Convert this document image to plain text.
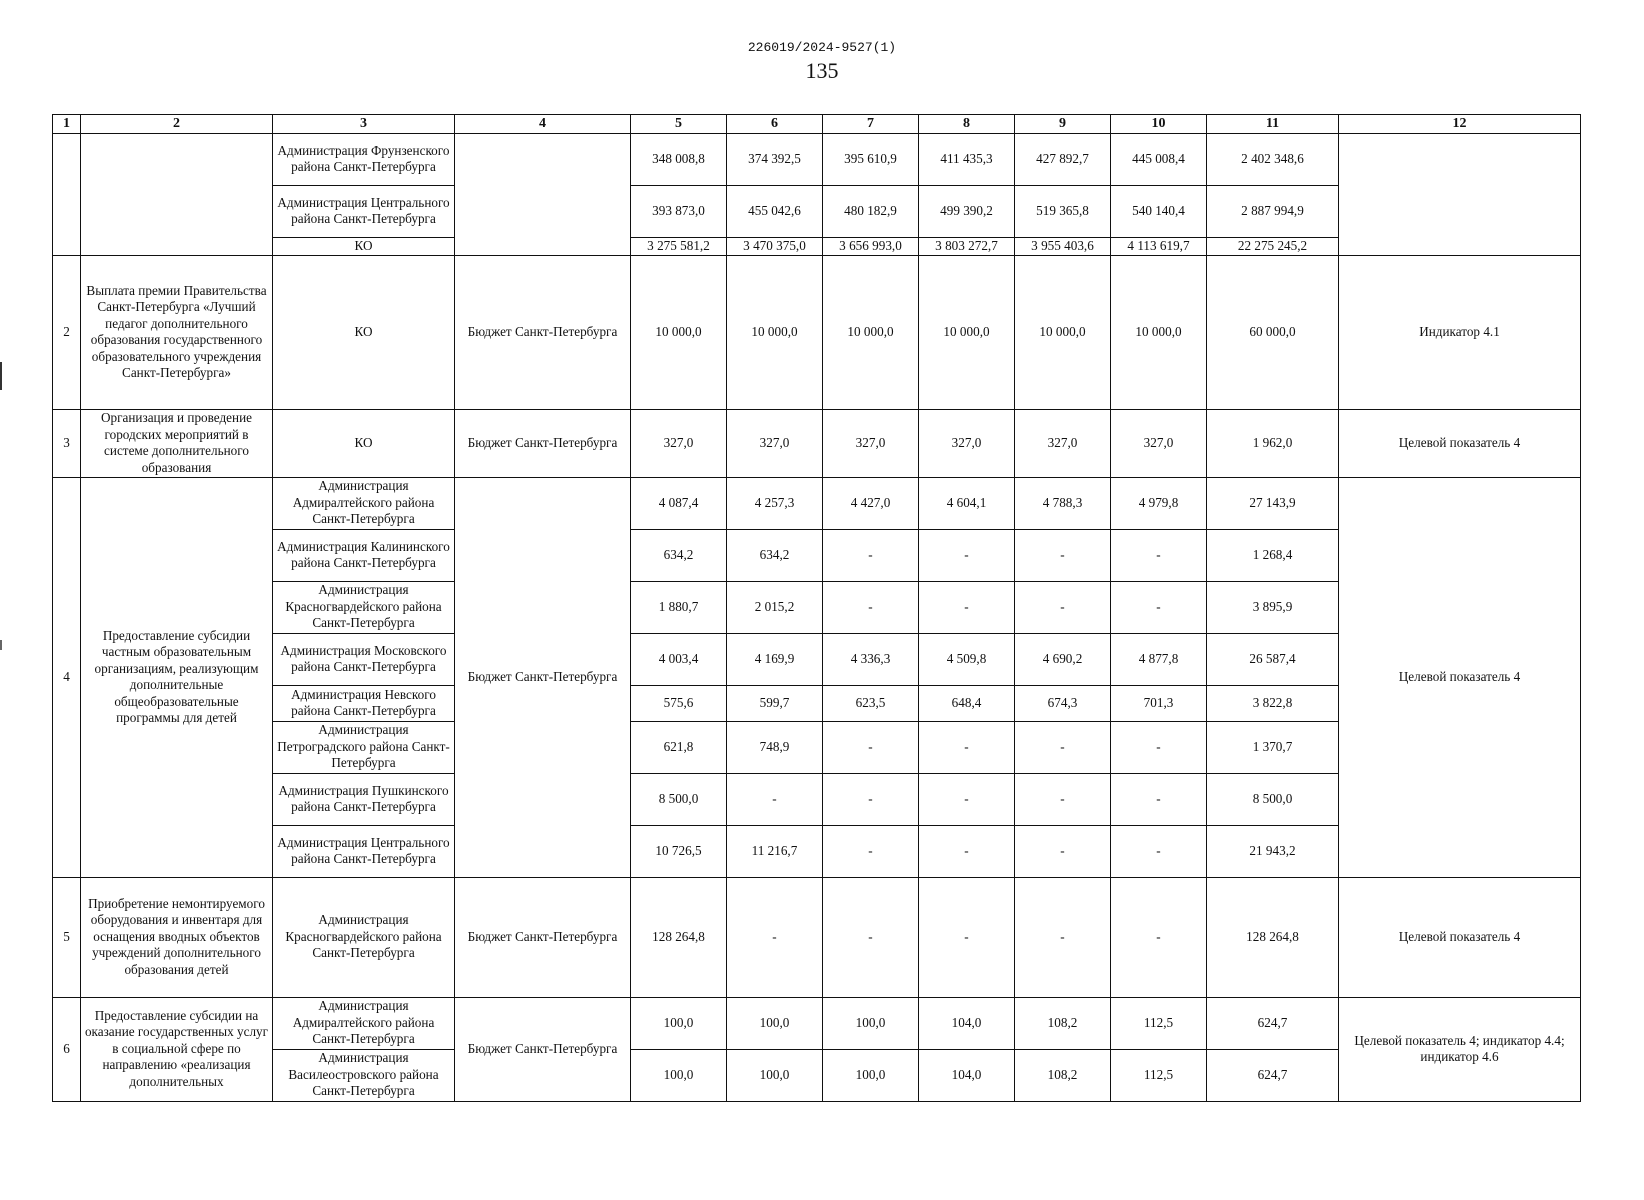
226019/2024-9527(1)
135
1	2	3	4	5	6	7	8	9	10	11	12
		Администрация Фрунзенского района Санкт-Петербурга		348 008,8	374 392,5	395 610,9	411 435,3	427 892,7	445 008,4	2 402 348,6	
		Администрация Центрального района Санкт-Петербурга		393 873,0	455 042,6	480 182,9	499 390,2	519 365,8	540 140,4	2 887 994,9	
		КО		3 275 581,2	3 470 375,0	3 656 993,0	3 803 272,7	3 955 403,6	4 113 619,7	22 275 245,2	
2	Выплата премии Правительства Санкт-Петербурга «Лучший педагог дополнительного образования государственного образовательного учреждения Санкт-Петербурга»	КО	Бюджет Санкт-Петербурга	10 000,0	10 000,0	10 000,0	10 000,0	10 000,0	10 000,0	60 000,0	Индикатор 4.1
3	Организация и проведение городских мероприятий в системе дополнительного образования	КО	Бюджет Санкт-Петербурга	327,0	327,0	327,0	327,0	327,0	327,0	1 962,0	Целевой показатель 4
4	Предоставление субсидии частным образовательным организациям, реализующим дополнительные общеобразовательные программы для детей	Администрация Адмиралтейского района Санкт-Петербурга	Бюджет Санкт-Петербурга	4 087,4	4 257,3	4 427,0	4 604,1	4 788,3	4 979,8	27 143,9	Целевой показатель 4
		Администрация Калининского района Санкт-Петербурга		634,2	634,2	-	-	-	-	1 268,4	
		Администрация Красногвардейского района Санкт-Петербурга		1 880,7	2 015,2	-	-	-	-	3 895,9	
		Администрация Московского района Санкт-Петербурга		4 003,4	4 169,9	4 336,3	4 509,8	4 690,2	4 877,8	26 587,4	
		Администрация Невского района Санкт-Петербурга		575,6	599,7	623,5	648,4	674,3	701,3	3 822,8	
		Администрация Петроградского района Санкт-Петербурга		621,8	748,9	-	-	-	-	1 370,7	
		Администрация Пушкинского района Санкт-Петербурга		8 500,0	-	-	-	-	-	8 500,0	
		Администрация Центрального района Санкт-Петербурга		10 726,5	11 216,7	-	-	-	-	21 943,2	
5	Приобретение немонтируемого оборудования и инвентаря для оснащения вводных объектов учреждений дополнительного образования детей	Администрация Красногвардейского района Санкт-Петербурга	Бюджет Санкт-Петербурга	128 264,8	-	-	-	-	-	128 264,8	Целевой показатель 4
6	Предоставление субсидии на оказание государственных услуг в социальной сфере по направлению «реализация дополнительных	Администрация Адмиралтейского района Санкт-Петербурга	Бюджет Санкт-Петербурга	100,0	100,0	100,0	104,0	108,2	112,5	624,7	Целевой показатель 4; индикатор 4.4; индикатор 4.6
		Администрация Василеостровского района Санкт-Петербурга		100,0	100,0	100,0	104,0	108,2	112,5	624,7	
